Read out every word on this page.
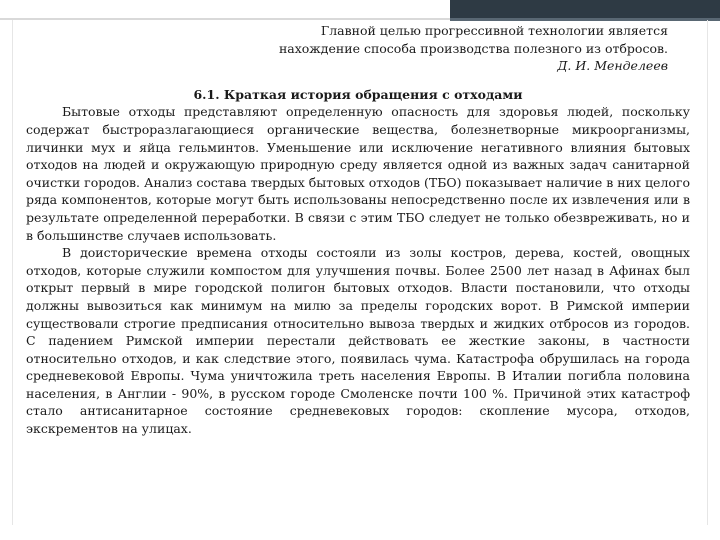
Главной целью прогрессивной технологии является
нахождение способа производства полезного из отбросов.
Д. И. Менделеев
6.1. Краткая история обращения с отходами

Бытовые отходы представляют определенную опасность для здоровья людей, поскольку содержат быстроразлагающиеся органические вещества, болезнетворные микроорганизмы, личинки мух и яйца гельминтов. Уменьшение или исключение негативного влияния бытовых отходов на людей и окружающую природную среду является одной из важных задач санитарной очистки городов. Анализ состава твердых бытовых отходов (ТБО) показывает наличие в них целого ряда компонентов, которые могут быть использованы непосредственно после их извлечения или в результате определенной переработки. В связи с этим ТБО следует не только обезвреживать, но и в большинстве случаев использовать.

В доисторические времена отходы состояли из золы костров, дерева, костей, овощных отходов, которые служили компостом для улучшения почвы. Более 2500 лет назад в Афинах был открыт первый в мире городской полигон бытовых отходов. Власти постановили, что отходы должны вывозиться как минимум на милю за пределы городских ворот. В Римской империи существовали строгие предписания относительно вывоза твердых и жидких отбросов из городов. С падением Римской империи перестали действовать ее жесткие законы, в частности относительно отходов, и как следствие этого, появилась чума. Катастрофа обрушилась на города средневековой Европы. Чума уничтожила треть населения Европы. В Италии погибла половина населения, в Англии - 90%, в русском городе Смоленске почти 100 %. Причиной этих катастроф стало антисанитарное состояние средневековых городов: скопление мусора, отходов, экскрементов на улицах.
